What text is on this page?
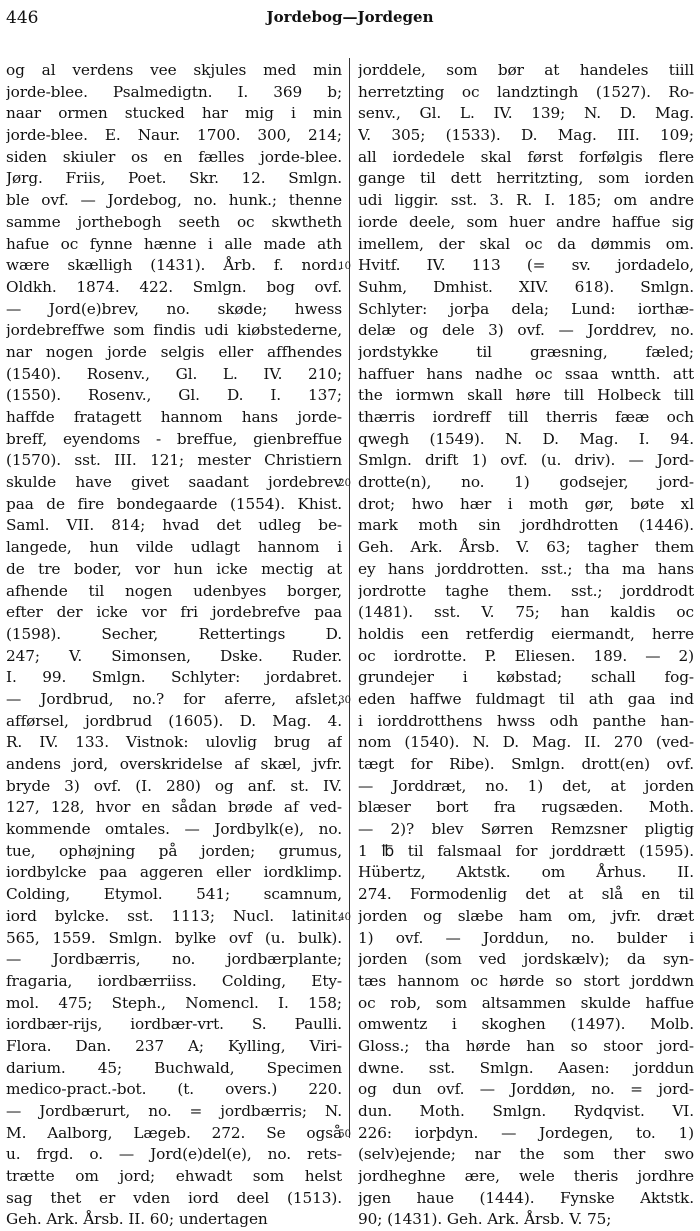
446	Jordebog—Jordegen
og al verdens vee skjules med min
jorde-blee. Psalmedigtn. I. 369 b;
naar ormen stucked har mig i min
jorde-blee. E. Naur. 1700. 300, 214;
siden skiuler os en fælles jorde-blee.
Jørg. Friis, Poet. Skr. 12. Smlgn.
ble ovf. — Jordebog, no. hunk.; thenne
samme jorthebogh seeth oc skwtheth
hafue oc fynne hænne i alle made ath
wære skælligh (1431). Årb. f. nord.
Oldkh. 1874. 422. Smlgn. bog ovf.
— Jord(e)brev, no. skøde; hwess
jordebreffwe som findis udi kiøbstederne,
nar nogen jorde selgis eller affhendes
(1540). Rosenv., Gl. L. IV. 210;
(1550). Rosenv., Gl. D. I. 137;
haffde fratagett hannom hans jorde-
breff, eyendoms - breffue, gienbreffue
(1570). sst. III. 121; mester Christiern
skulde have givet saadant jordebrev
paa de fire bondegaarde (1554). Khist.
Saml. VII. 814; hvad det udleg be-
langede, hun vilde udlagt hannom i
de tre boder, vor hun icke mectig at
afhende til nogen udenbyes borger,
efter der icke vor fri jordebrefve paa
(1598). Secher, Rettertings D.
247; V. Simonsen, Dske. Ruder.
I. 99. Smlgn. Schlyter: jordabret.
— Jordbrud, no.? for aferre, afslet,
afførsel, jordbrud (1605). D. Mag. 4.
R. IV. 133. Vistnok: ulovlig brug af
andens jord, overskridelse af skæl, jvfr.
bryde 3) ovf. (I. 280) og anf. st. IV.
127, 128, hvor en sådan brøde af ved-
kommende omtales. — Jordbylk(e), no.
tue, ophøjning på jorden; grumus,
iordbylcke paa aggeren eller iordklimp.
Colding, Etymol. 541; scamnum,
iord bylcke. sst. 1113; Nucl. latinit.
565, 1559. Smlgn. bylke ovf (u. bulk).
— Jordbærris, no. jordbærplante;
fragaria, iordbærriiss. Colding, Ety-
mol. 475; Steph., Nomencl. I. 158;
iordbær-rijs, iordbær-vrt. S. Paulli.
Flora. Dan. 237 A; Kylling, Viri-
darium. 45; Buchwald, Specimen
medico-pract.-bot. (t. overs.) 220.
— Jordbærurt, no. = jordbærris; N.
M. Aalborg, Lægeb. 272. Se også
u. frgd. o. — Jord(e)del(e), no. rets-
trætte om jord; ehwadt som helst
sag thet er vden iord deel (1513).
Geh. Ark. Årsb. II. 60; undertagen
jorddele, som bør at handeles tiill
herretzting oc landztingh (1527). Ro-
senv., Gl. L. IV. 139; N. D. Mag.
V. 305; (1533). D. Mag. III. 109;
all iordedele skal først forfølgis flere
gange til dett herritzting, som iorden
udi liggir. sst. 3. R. I. 185; om andre
iorde deele, som huer andre haffue sig
imellem, der skal oc da dømmis om.
Hvitf. IV. 113 (= sv. jordadelo,
Suhm, Dmhist. XIV. 618). Smlgn.
Schlyter: jorþa dela; Lund: iorthæ-
delæ og dele 3) ovf. — Jorddrev, no.
jordstykke til græsning, fæled;
haffuer hans nadhe oc ssaa wntth. att
the iormwn skall høre till Holbeck till
thærris iordreff till therris fææ och
qwegh (1549). N. D. Mag. I. 94.
Smlgn. drift 1) ovf. (u. driv). — Jord-
drotte(n), no. 1) godsejer, jord-
drot; hwo hær i moth gør, bøte xl
mark moth sin jordhdrotten (1446).
Geh. Ark. Årsb. V. 63; tagher them
ey hans jorddrotten. sst.; tha ma hans
jordrotte taghe them. sst.; jorddrodt
(1481). sst. V. 75; han kaldis oc
holdis een retferdig eiermandt, herre
oc iordrotte. P. Eliesen. 189. — 2)
grundejer i købstad; schall fog-
eden haffwe fuldmagt til ath gaa ind
i iorddrotthens hwss odh panthe han-
nom (1540). N. D. Mag. II. 270 (ved-
tægt for Ribe). Smlgn. drott(en) ovf.
— Jorddræt, no. 1) det, at jorden
blæser bort fra rugsæden. Moth.
— 2)? blev Sørren Remzsner pligtig
1 ℔ til falsmaal for jorddrætt (1595).
Hübertz, Aktstk. om Århus. II.
274. Formodenlig det at slå en til
jorden og slæbe ham om, jvfr. dræt
1) ovf. — Jorddun, no. bulder i
jorden (som ved jordskælv); da syn-
tæs hannom oc hørde so stort jorddwn
oc rob, som altsammen skulde haffue
omwentz i skoghen (1497). Molb.
Gloss.; tha hørde han so stoor jord-
dwne. sst. Smlgn. Aasen: jorddun
og dun ovf. — Jorddøn, no. = jord-
dun. Moth. Smlgn. Rydqvist. VI.
226: iorþdyn. — Jordegen, to. 1)
(selv)ejende; nar the som ther swo
jordheghne ære, wele theris jordhre
jgen haue (1444). Fynske Aktstk.
90; (1431). Geh. Ark. Årsb. V. 75;
10
20
30
40
50
